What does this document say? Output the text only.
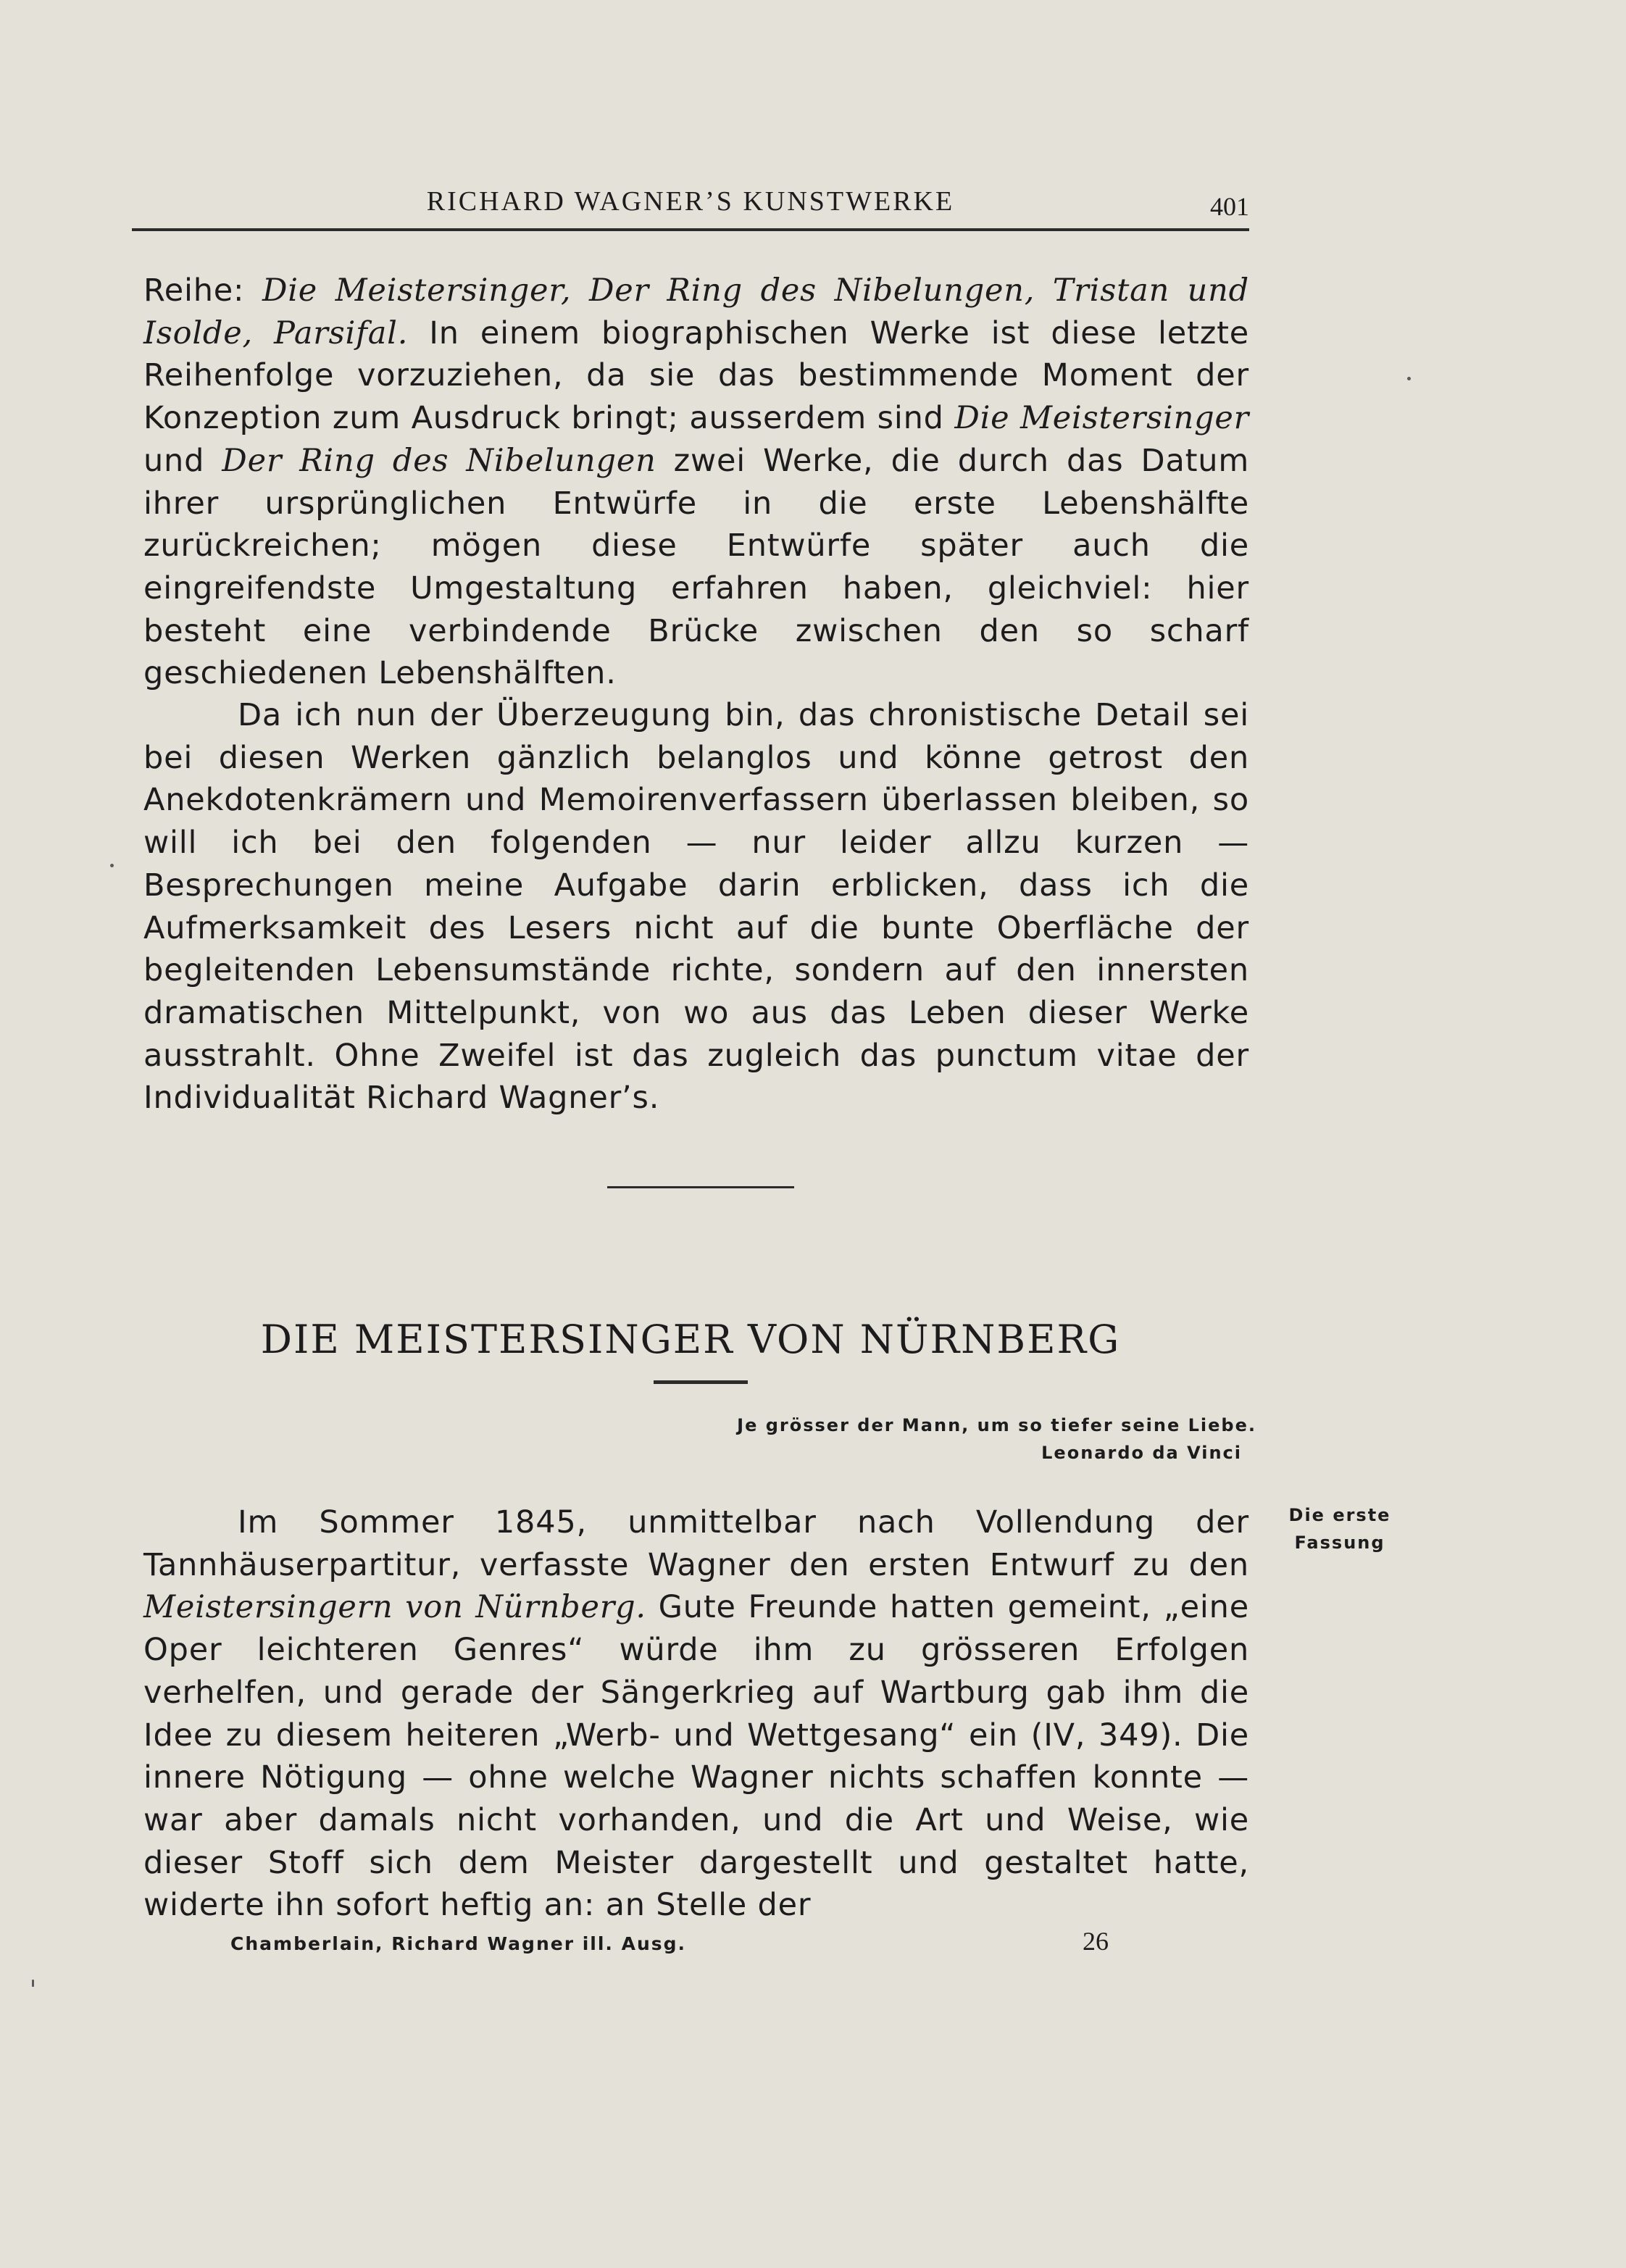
RICHARD WAGNER’S KUNSTWERKE	401

Reihe: Die Meistersinger, Der Ring des Nibelungen, Tristan und Isolde, Parsifal. In einem biographischen Werke ist diese letzte Reihenfolge vorzuziehen, da sie das bestimmende Moment der Konzeption zum Ausdruck bringt; ausserdem sind Die Meistersinger und Der Ring des Nibelungen zwei Werke, die durch das Datum ihrer ursprünglichen Entwürfe in die erste Lebenshälfte zurückreichen; mögen diese Entwürfe später auch die eingreifendste Umgestaltung erfahren haben, gleichviel: hier besteht eine verbindende Brücke zwischen den so scharf geschiedenen Lebenshälften.

Da ich nun der Überzeugung bin, das chronistische Detail sei bei diesen Werken gänzlich belanglos und könne getrost den Anekdotenkrämern und Memoirenverfassern überlassen bleiben, so will ich bei den folgenden — nur leider allzu kurzen — Besprechungen meine Aufgabe darin erblicken, dass ich die Aufmerksamkeit des Lesers nicht auf die bunte Oberfläche der begleitenden Lebensumstände richte, sondern auf den innersten dramatischen Mittelpunkt, von wo aus das Leben dieser Werke ausstrahlt. Ohne Zweifel ist das zugleich das punctum vitae der Individualität Richard Wagner’s.

DIE MEISTERSINGER VON NÜRNBERG
Je grösser der Mann, um so tiefer seine Liebe.

Leonardo da Vinci
Die erste
Fassung

Im Sommer 1845, unmittelbar nach Vollendung der Tannhäuserpartitur, verfasste Wagner den ersten Entwurf zu den Meistersingern von Nürnberg. Gute Freunde hatten gemeint, „eine Oper leichteren Genres“ würde ihm zu grösseren Erfolgen verhelfen, und gerade der Sängerkrieg auf Wartburg gab ihm die Idee zu diesem heiteren „Werb- und Wettgesang“ ein (IV, 349). Die innere Nötigung — ohne welche Wagner nichts schaffen konnte — war aber damals nicht vorhanden, und die Art und Weise, wie dieser Stoff sich dem Meister dargestellt und gestaltet hatte, widerte ihn sofort heftig an: an Stelle der

Chamberlain, Richard Wagner ill. Ausg.	26
